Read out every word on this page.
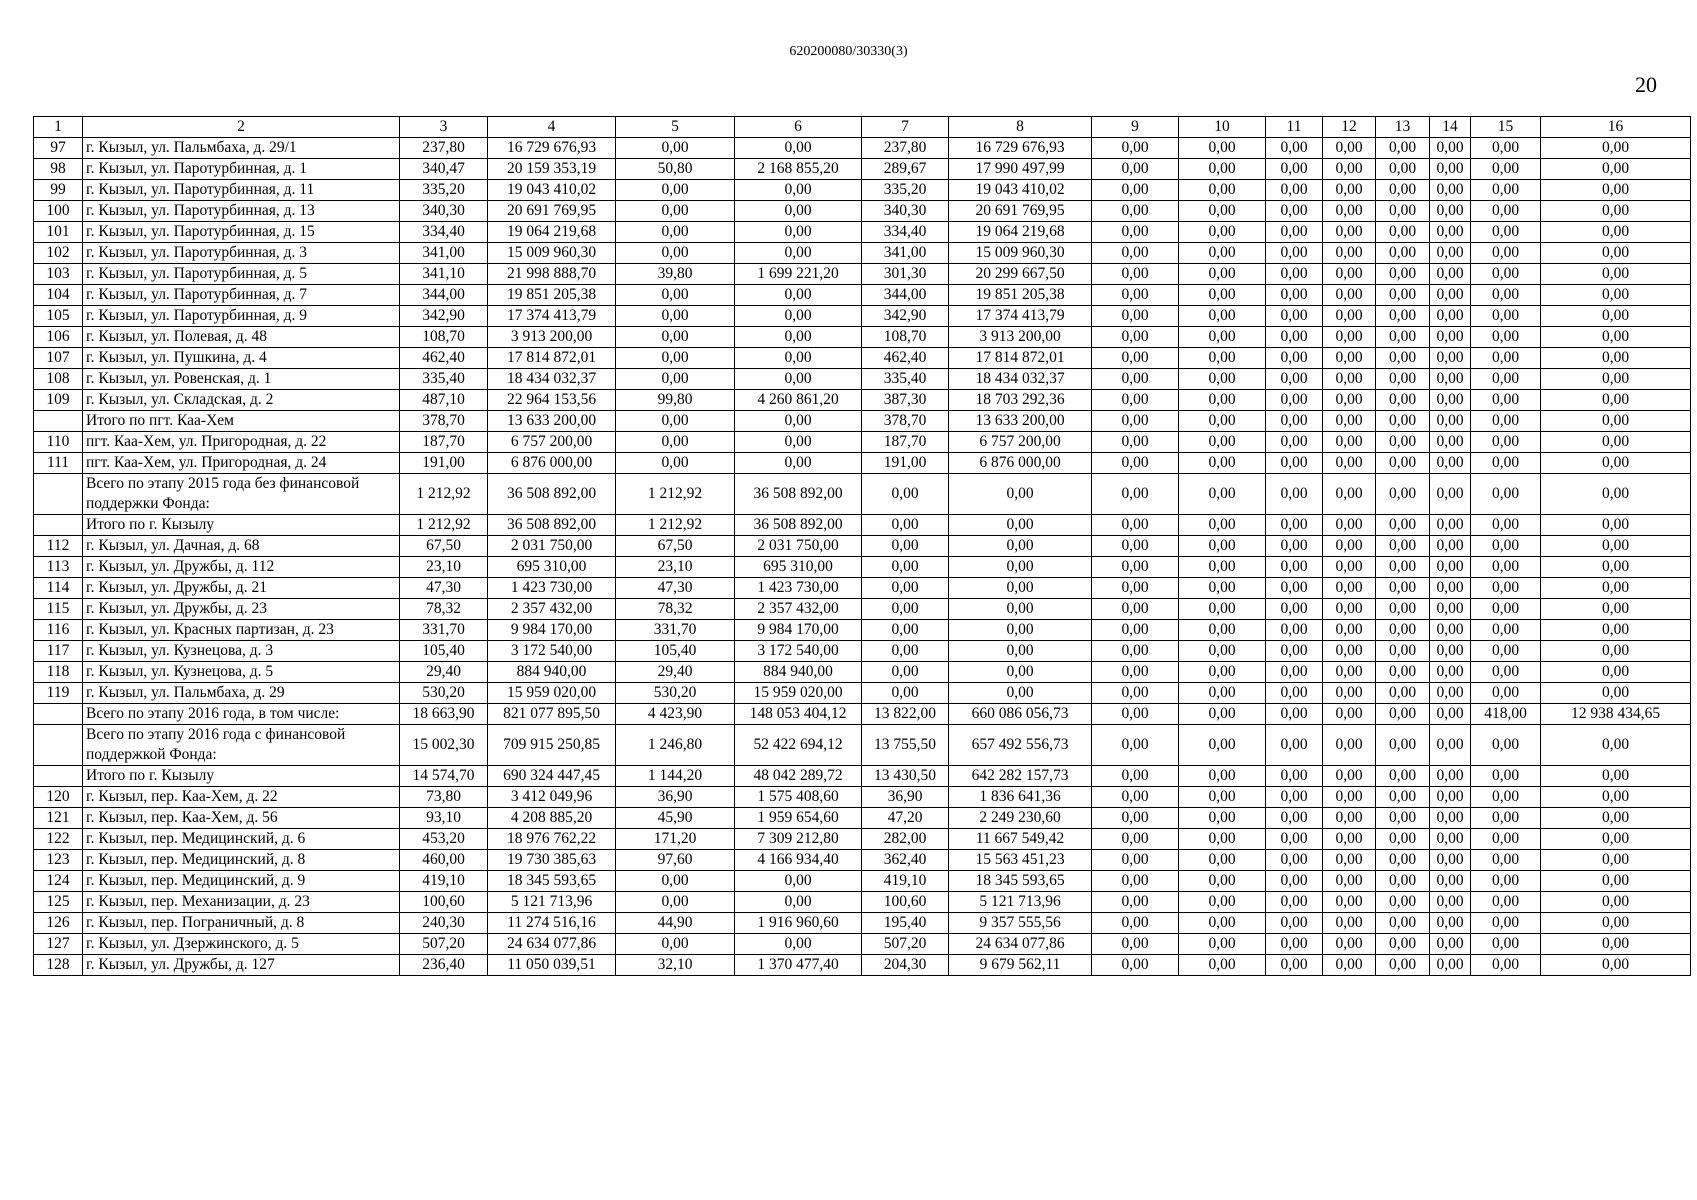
620200080/30330(3)
20
1	2	3	4	5	6	7	8	9	10	11	12	13	14	15	16
97	г. Кызыл, ул. Пальмбаха, д. 29/1	237,80	16 729 676,93	0,00	0,00	237,80	16 729 676,93	0,00	0,00	0,00	0,00	0,00	0,00	0,00	0,00
98	г. Кызыл, ул. Паротурбинная, д. 1	340,47	20 159 353,19	50,80	2 168 855,20	289,67	17 990 497,99	0,00	0,00	0,00	0,00	0,00	0,00	0,00	0,00
99	г. Кызыл, ул. Паротурбинная, д. 11	335,20	19 043 410,02	0,00	0,00	335,20	19 043 410,02	0,00	0,00	0,00	0,00	0,00	0,00	0,00	0,00
100	г. Кызыл, ул. Паротурбинная, д. 13	340,30	20 691 769,95	0,00	0,00	340,30	20 691 769,95	0,00	0,00	0,00	0,00	0,00	0,00	0,00	0,00
101	г. Кызыл, ул. Паротурбинная, д. 15	334,40	19 064 219,68	0,00	0,00	334,40	19 064 219,68	0,00	0,00	0,00	0,00	0,00	0,00	0,00	0,00
102	г. Кызыл, ул. Паротурбинная, д. 3	341,00	15 009 960,30	0,00	0,00	341,00	15 009 960,30	0,00	0,00	0,00	0,00	0,00	0,00	0,00	0,00
103	г. Кызыл, ул. Паротурбинная, д. 5	341,10	21 998 888,70	39,80	1 699 221,20	301,30	20 299 667,50	0,00	0,00	0,00	0,00	0,00	0,00	0,00	0,00
104	г. Кызыл, ул. Паротурбинная, д. 7	344,00	19 851 205,38	0,00	0,00	344,00	19 851 205,38	0,00	0,00	0,00	0,00	0,00	0,00	0,00	0,00
105	г. Кызыл, ул. Паротурбинная, д. 9	342,90	17 374 413,79	0,00	0,00	342,90	17 374 413,79	0,00	0,00	0,00	0,00	0,00	0,00	0,00	0,00
106	г. Кызыл, ул. Полевая, д. 48	108,70	3 913 200,00	0,00	0,00	108,70	3 913 200,00	0,00	0,00	0,00	0,00	0,00	0,00	0,00	0,00
107	г. Кызыл, ул. Пушкина, д. 4	462,40	17 814 872,01	0,00	0,00	462,40	17 814 872,01	0,00	0,00	0,00	0,00	0,00	0,00	0,00	0,00
108	г. Кызыл, ул. Ровенская, д. 1	335,40	18 434 032,37	0,00	0,00	335,40	18 434 032,37	0,00	0,00	0,00	0,00	0,00	0,00	0,00	0,00
109	г. Кызыл, ул. Складская, д. 2	487,10	22 964 153,56	99,80	4 260 861,20	387,30	18 703 292,36	0,00	0,00	0,00	0,00	0,00	0,00	0,00	0,00
	Итого по пгт. Каа-Хем	378,70	13 633 200,00	0,00	0,00	378,70	13 633 200,00	0,00	0,00	0,00	0,00	0,00	0,00	0,00	0,00
110	пгт. Каа-Хем, ул. Пригородная, д. 22	187,70	6 757 200,00	0,00	0,00	187,70	6 757 200,00	0,00	0,00	0,00	0,00	0,00	0,00	0,00	0,00
111	пгт. Каа-Хем, ул. Пригородная, д. 24	191,00	6 876 000,00	0,00	0,00	191,00	6 876 000,00	0,00	0,00	0,00	0,00	0,00	0,00	0,00	0,00
	Всего по этапу 2015 года без финансовой поддержки Фонда:	1 212,92	36 508 892,00	1 212,92	36 508 892,00	0,00	0,00	0,00	0,00	0,00	0,00	0,00	0,00	0,00	0,00
	Итого по г. Кызылу	1 212,92	36 508 892,00	1 212,92	36 508 892,00	0,00	0,00	0,00	0,00	0,00	0,00	0,00	0,00	0,00	0,00
112	г. Кызыл, ул. Дачная, д. 68	67,50	2 031 750,00	67,50	2 031 750,00	0,00	0,00	0,00	0,00	0,00	0,00	0,00	0,00	0,00	0,00
113	г. Кызыл, ул. Дружбы, д. 112	23,10	695 310,00	23,10	695 310,00	0,00	0,00	0,00	0,00	0,00	0,00	0,00	0,00	0,00	0,00
114	г. Кызыл, ул. Дружбы, д. 21	47,30	1 423 730,00	47,30	1 423 730,00	0,00	0,00	0,00	0,00	0,00	0,00	0,00	0,00	0,00	0,00
115	г. Кызыл, ул. Дружбы, д. 23	78,32	2 357 432,00	78,32	2 357 432,00	0,00	0,00	0,00	0,00	0,00	0,00	0,00	0,00	0,00	0,00
116	г. Кызыл, ул. Красных партизан, д. 23	331,70	9 984 170,00	331,70	9 984 170,00	0,00	0,00	0,00	0,00	0,00	0,00	0,00	0,00	0,00	0,00
117	г. Кызыл, ул. Кузнецова, д. 3	105,40	3 172 540,00	105,40	3 172 540,00	0,00	0,00	0,00	0,00	0,00	0,00	0,00	0,00	0,00	0,00
118	г. Кызыл, ул. Кузнецова, д. 5	29,40	884 940,00	29,40	884 940,00	0,00	0,00	0,00	0,00	0,00	0,00	0,00	0,00	0,00	0,00
119	г. Кызыл, ул. Пальмбаха, д. 29	530,20	15 959 020,00	530,20	15 959 020,00	0,00	0,00	0,00	0,00	0,00	0,00	0,00	0,00	0,00	0,00
	Всего по этапу 2016 года, в том числе:	18 663,90	821 077 895,50	4 423,90	148 053 404,12	13 822,00	660 086 056,73	0,00	0,00	0,00	0,00	0,00	0,00	418,00	12 938 434,65
	Всего по этапу 2016 года с финансовой поддержкой Фонда:	15 002,30	709 915 250,85	1 246,80	52 422 694,12	13 755,50	657 492 556,73	0,00	0,00	0,00	0,00	0,00	0,00	0,00	0,00
	Итого по г. Кызылу	14 574,70	690 324 447,45	1 144,20	48 042 289,72	13 430,50	642 282 157,73	0,00	0,00	0,00	0,00	0,00	0,00	0,00	0,00
120	г. Кызыл, пер. Каа-Хем, д. 22	73,80	3 412 049,96	36,90	1 575 408,60	36,90	1 836 641,36	0,00	0,00	0,00	0,00	0,00	0,00	0,00	0,00
121	г. Кызыл, пер. Каа-Хем, д. 56	93,10	4 208 885,20	45,90	1 959 654,60	47,20	2 249 230,60	0,00	0,00	0,00	0,00	0,00	0,00	0,00	0,00
122	г. Кызыл, пер. Медицинский, д. 6	453,20	18 976 762,22	171,20	7 309 212,80	282,00	11 667 549,42	0,00	0,00	0,00	0,00	0,00	0,00	0,00	0,00
123	г. Кызыл, пер. Медицинский, д. 8	460,00	19 730 385,63	97,60	4 166 934,40	362,40	15 563 451,23	0,00	0,00	0,00	0,00	0,00	0,00	0,00	0,00
124	г. Кызыл, пер. Медицинский, д. 9	419,10	18 345 593,65	0,00	0,00	419,10	18 345 593,65	0,00	0,00	0,00	0,00	0,00	0,00	0,00	0,00
125	г. Кызыл, пер. Механизации, д. 23	100,60	5 121 713,96	0,00	0,00	100,60	5 121 713,96	0,00	0,00	0,00	0,00	0,00	0,00	0,00	0,00
126	г. Кызыл, пер. Пограничный, д. 8	240,30	11 274 516,16	44,90	1 916 960,60	195,40	9 357 555,56	0,00	0,00	0,00	0,00	0,00	0,00	0,00	0,00
127	г. Кызыл, ул. Дзержинского, д. 5	507,20	24 634 077,86	0,00	0,00	507,20	24 634 077,86	0,00	0,00	0,00	0,00	0,00	0,00	0,00	0,00
128	г. Кызыл, ул. Дружбы, д. 127	236,40	11 050 039,51	32,10	1 370 477,40	204,30	9 679 562,11	0,00	0,00	0,00	0,00	0,00	0,00	0,00	0,00
